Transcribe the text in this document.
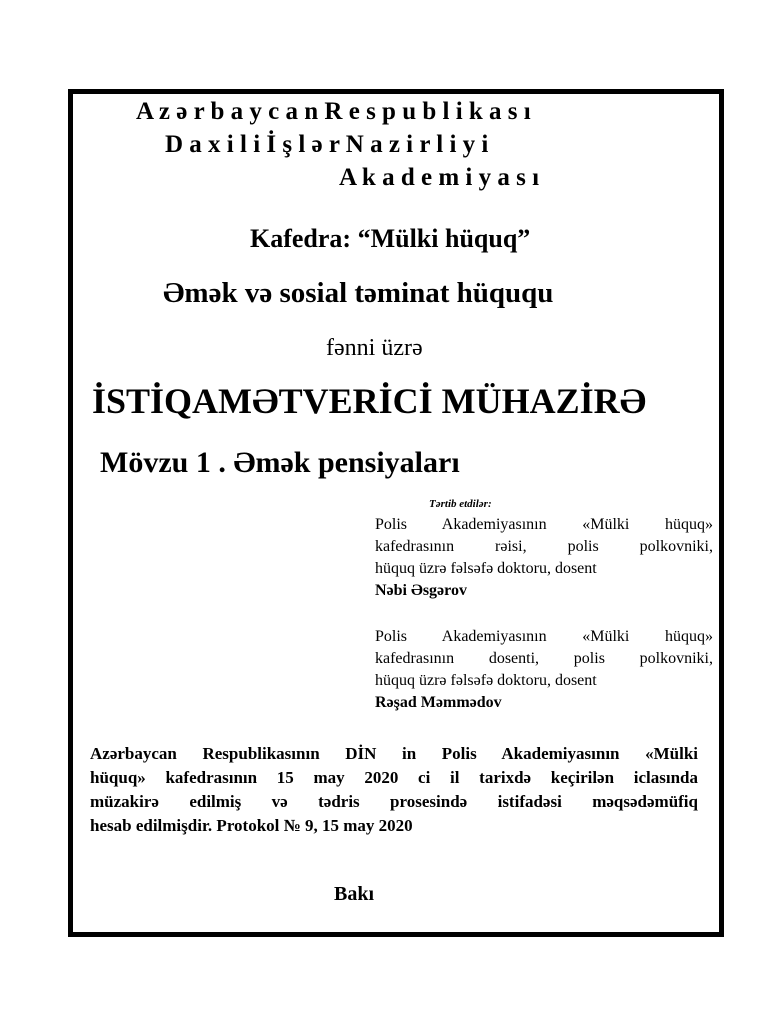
A z ə r b a y c a n R e s p u b l i k a s ı
D a x i l i İ ş l ə r N a z i r l i y i
A k a d e m i y a s ı
Kafedra: “Mülki hüquq”
Əmək və sosial təminat hüququ
fənni üzrə
İSTİQAMƏTVERİCİ MÜHAZİRƏ
Mövzu 1 . Əmək pensiyaları
Tərtib etdilər:
Polis Akademiyasının «Mülki hüquq»
kafedrasının rəisi, polis polkovniki,
hüquq üzrə fəlsəfə doktoru, dosent
Nəbi Əsgərov
Polis Akademiyasının «Mülki hüquq»
kafedrasının dosenti, polis polkovniki,
hüquq üzrə fəlsəfə doktoru, dosent
Rəşad Məmmədov
Azərbaycan Respublikasının DİN in Polis Akademiyasının «Mülki
hüquq» kafedrasının 15 may 2020 ci il tarixdə keçirilən iclasında
müzakirə edilmiş və tədris prosesində istifadəsi məqsədəmüfiq
hesab edilmişdir. Protokol № 9, 15 may 2020
Bakı
